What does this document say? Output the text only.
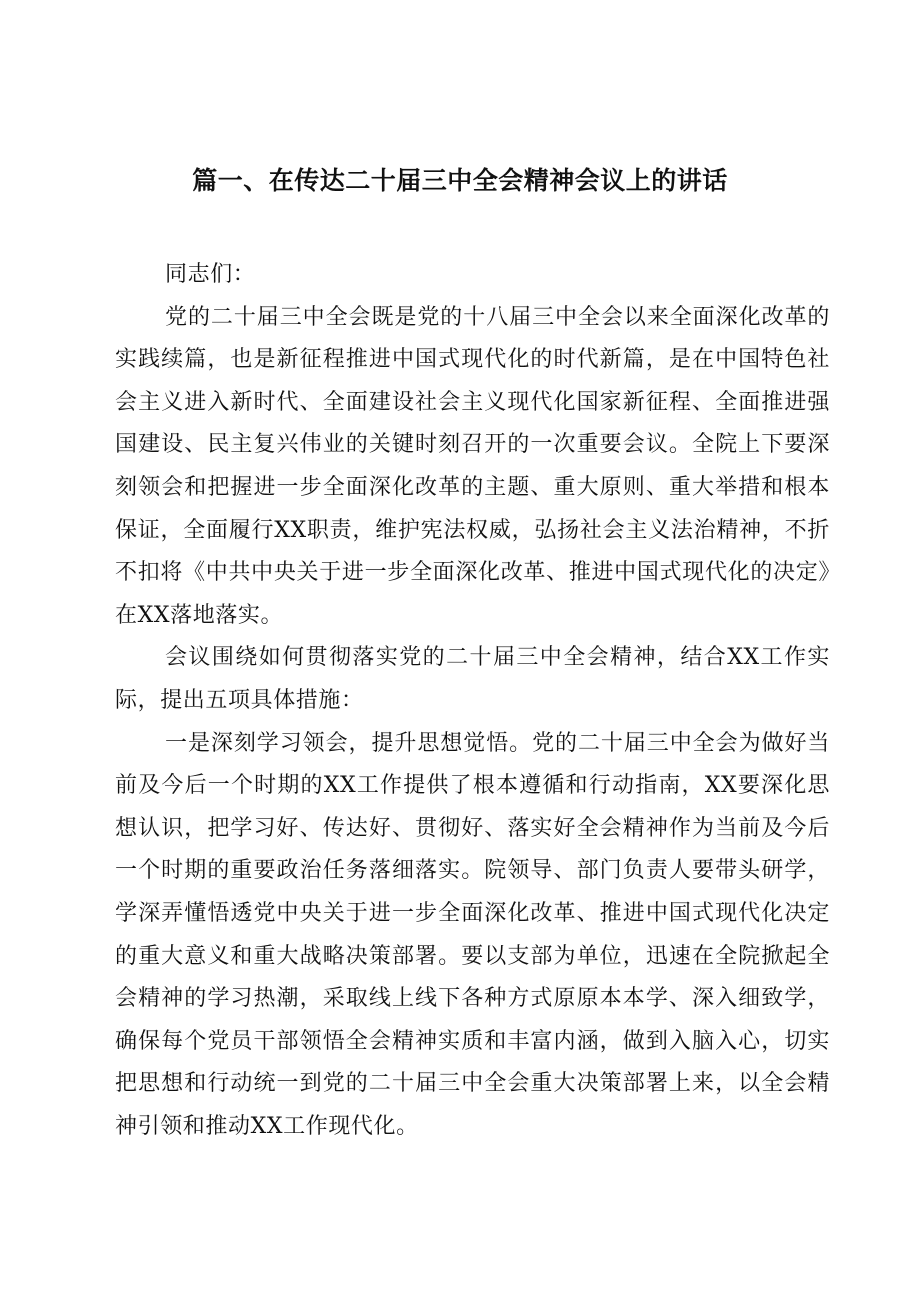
篇一、在传达二十届三中全会精神会议上的讲话

同志们：

党的二十届三中全会既是党的十八届三中全会以来全面深化改革的实践续篇，也是新征程推进中国式现代化的时代新篇，是在中国特色社会主义进入新时代、全面建设社会主义现代化国家新征程、全面推进强国建设、民主复兴伟业的关键时刻召开的一次重要会议。全院上下要深刻领会和把握进一步全面深化改革的主题、重大原则、重大举措和根本保证，全面履行XX职责，维护宪法权威，弘扬社会主义法治精神，不折不扣将《中共中央关于进一步全面深化改革、推进中国式现代化的决定》在XX落地落实。

会议围绕如何贯彻落实党的二十届三中全会精神，结合XX工作实际，提出五项具体措施：

一是深刻学习领会，提升思想觉悟。党的二十届三中全会为做好当前及今后一个时期的XX工作提供了根本遵循和行动指南，XX要深化思想认识，把学习好、传达好、贯彻好、落实好全会精神作为当前及今后一个时期的重要政治任务落细落实。院领导、部门负责人要带头研学，学深弄懂悟透党中央关于进一步全面深化改革、推进中国式现代化决定的重大意义和重大战略决策部署。要以支部为单位，迅速在全院掀起全会精神的学习热潮，采取线上线下各种方式原原本本学、深入细致学，确保每个党员干部领悟全会精神实质和丰富内涵，做到入脑入心，切实把思想和行动统一到党的二十届三中全会重大决策部署上来，以全会精神引领和推动XX工作现代化。
